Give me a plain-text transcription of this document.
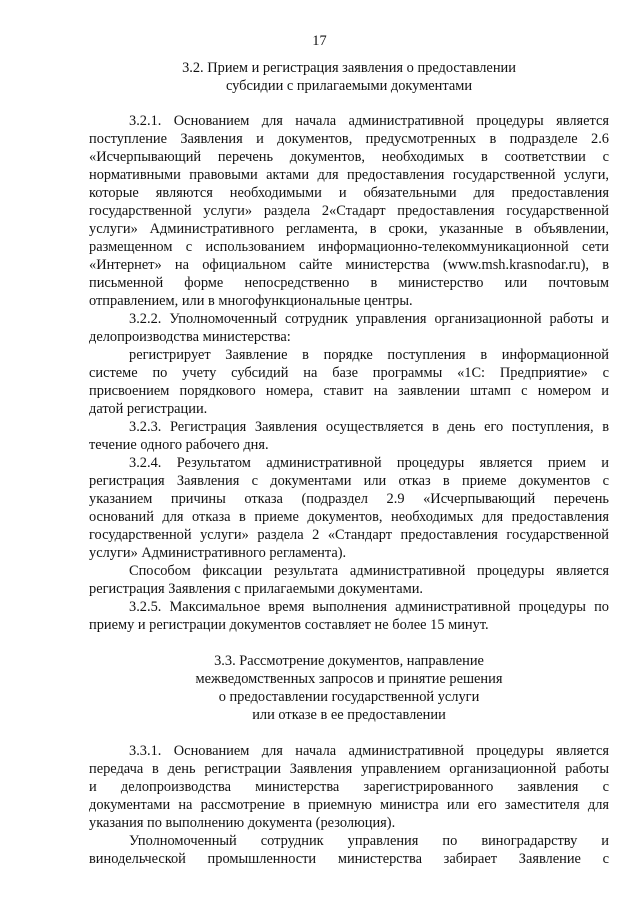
17
3.2. Прием и регистрация заявления о предоставлении
субсидии с прилагаемыми документами
3.2.1. Основанием для начала административной процедуры является
поступление Заявления и документов, предусмотренных в подразделе 2.6
«Исчерпывающий перечень документов, необходимых в соответствии с
нормативными правовыми актами для предоставления государственной услуги,
которые являются необходимыми и обязательными для предоставления
государственной услуги» раздела 2«Стадарт предоставления государственной
услуги» Административного регламента, в сроки, указанные в объявлении,
размещенном с использованием информационно-телекоммуникационной сети
«Интернет» на официальном сайте министерства (www.msh.krasnodar.ru), в
письменной форме непосредственно в министерство или почтовым
отправлением, или в многофункциональные центры.
3.2.2. Уполномоченный сотрудник управления организационной работы и
делопроизводства министерства:
регистрирует Заявление в порядке поступления в информационной
системе по учету субсидий на базе программы «1С: Предприятие» с
присвоением порядкового номера, ставит на заявлении штамп с номером и
датой регистрации.
3.2.3. Регистрация Заявления осуществляется в день его поступления, в
течение одного рабочего дня.
3.2.4. Результатом административной процедуры является прием и
регистрация Заявления с документами или отказ в приеме документов с
указанием причины отказа (подраздел 2.9 «Исчерпывающий перечень
оснований для отказа в приеме документов, необходимых для предоставления
государственной услуги» раздела 2 «Стандарт предоставления государственной
услуги» Административного регламента).
Способом фиксации результата административной процедуры является
регистрация Заявления с прилагаемыми документами.
3.2.5. Максимальное время выполнения административной процедуры по
приему и регистрации документов составляет не более 15 минут.
3.3. Рассмотрение документов, направление
межведомственных запросов и принятие решения
о предоставлении государственной услуги
или отказе в ее предоставлении
3.3.1. Основанием для начала административной процедуры является
передача в день регистрации Заявления управлением организационной работы
и делопроизводства министерства зарегистрированного заявления с
документами на рассмотрение в приемную министра или его заместителя для
указания по выполнению документа (резолюция).
Уполномоченный сотрудник управления по виноградарству и
винодельческой промышленности министерства забирает Заявление с
